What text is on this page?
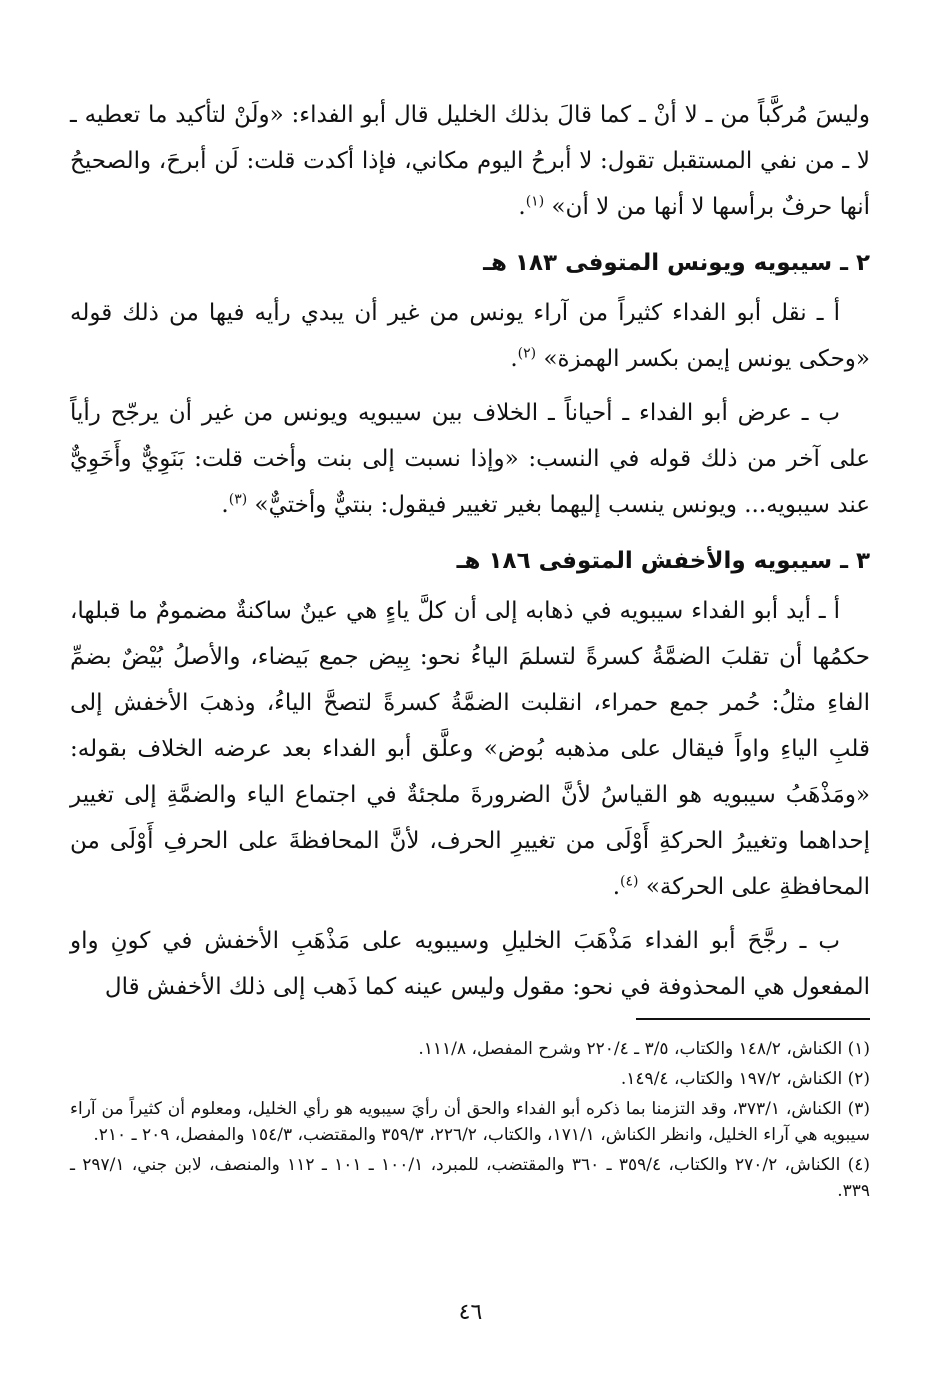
وليسَ مُركَّباً من ـ لا أنْ ـ كما قالَ بذلك الخليل قال أبو الفداء: «ولَنْ لتأكيد ما تعطيه ـ لا ـ من نفي المستقبل تقول: لا أبرحُ اليوم مكاني، فإذا أكدت قلت: لَن أبرحَ، والصحيحُ أنها حرفٌ برأسها لا أنها من لا أن» $^{(١)}$.

٢ ـ سيبويه ويونس المتوفى ١٨٣ هـ

أ ـ نقل أبو الفداء كثيراً من آراء يونس من غير أن يبدي رأيه فيها من ذلك قوله «وحكى يونس إيمن بكسر الهمزة» $^{(٢)}$.

ب ـ عرض أبو الفداء ـ أحياناً ـ الخلاف بين سيبويه ويونس من غير أن يرجّح رأياً على آخر من ذلك قوله في النسب: «وإذا نسبت إلى بنت وأخت قلت: بَنَوِيٌّ وأَخَوِيٌّ عند سيبويه... ويونس ينسب إليهما بغير تغيير فيقول: بنتيٌّ وأختيٌّ» $^{(٣)}$.

٣ ـ سيبويه والأخفش المتوفى ١٨٦ هـ

أ ـ أيد أبو الفداء سيبويه في ذهابه إلى أن كلَّ ياءٍ هي عينٌ ساكنةٌ مضمومٌ ما قبلها، حكمُها أن تقلبَ الضمَّةُ كسرةً لتسلمَ الياءُ نحو: بِيض جمع بَيضاء، والأصلُ بُيْضٌ بضمِّ الفاءِ مثلُ: حُمر جمع حمراء، انقلبت الضمَّةُ كسرةً لتصحَّ الياءُ، وذهبَ الأخفش إلى قلبِ الياءِ واواً فيقال على مذهبه بُوض» وعلَّق أبو الفداء بعد عرضه الخلاف بقوله: «ومَذْهَبُ سيبويه هو القياسُ لأنَّ الضرورةَ ملجئةٌ في اجتماع الياء والضمَّةِ إلى تغيير إحداهما وتغييرُ الحركةِ أَوْلَى من تغييرِ الحرف، لأنَّ المحافظةَ على الحرفِ أَوْلَى من المحافظةِ على الحركة» $^{(٤)}$.

ب ـ رجَّحَ أبو الفداء مَذْهَبَ الخليلِ وسيبويه على مَذْهَبِ الأخفش في كونِ واو المفعول هي المحذوفة في نحو: مقول وليس عينه كما ذَهب إلى ذلك الأخفش قال

(١) الكناش، ١٤٨/٢ والكتاب، ٣/٥ ـ ٢٢٠/٤ وشرح المفصل، ١١١/٨.

(٢) الكناش، ١٩٧/٢ والكتاب، ١٤٩/٤.

(٣) الكناش، ٣٧٣/١، وقد التزمنا بما ذكره أبو الفداء والحق أن رأيَ سيبويه هو رأي الخليل، ومعلوم أن كثيراً من آراء سيبويه هي آراء الخليل، وانظر الكناش، ١٧١/١، والكتاب، ٢٢٦/٢، ٣٥٩/٣ والمقتضب، ١٥٤/٣ والمفصل، ٢٠٩ ـ ٢١٠.

(٤) الكناش، ٢٧٠/٢ والكتاب، ٣٥٩/٤ ـ ٣٦٠ والمقتضب، للمبرد، ١٠٠/١ ـ ١٠١ ـ ١١٢ والمنصف، لابن جني، ٢٩٧/١ ـ ٣٣٩.

٤٦
